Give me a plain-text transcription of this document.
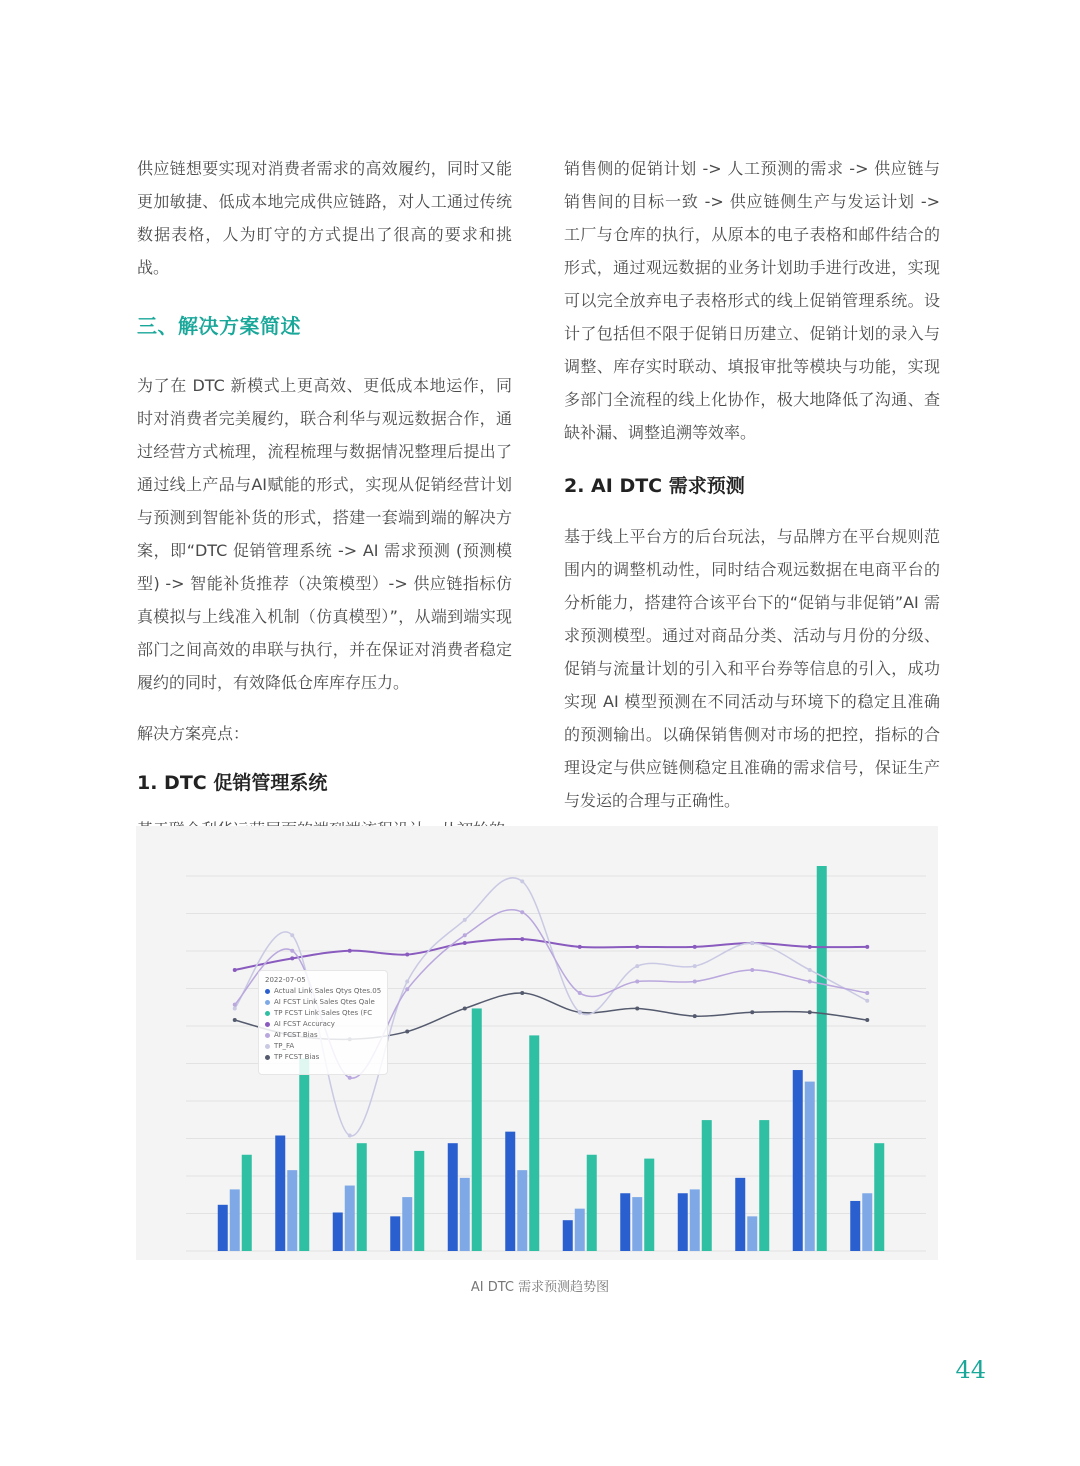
供应链想要实现对消费者需求的高效履约，同时又能更加敏捷、低成本地完成供应链路，对人工通过传统数据表格，人为盯守的方式提出了很高的要求和挑战。

三、解决方案简述

为了在 DTC 新模式上更高效、更低成本地运作，同时对消费者完美履约，联合利华与观远数据合作，通过经营方式梳理，流程梳理与数据情况整理后提出了通过线上产品与AI赋能的形式，实现从促销经营计划与预测到智能补货的形式，搭建一套端到端的解决方案，即“DTC 促销管理系统 -> AI 需求预测 (预测模型) -> 智能补货推荐（决策模型）-> 供应链指标仿真模拟与上线准入机制（仿真模型）”，从端到端实现部门之间高效的串联与执行，并在保证对消费者稳定履约的同时，有效降低仓库库存压力。

解决方案亮点：

1. DTC 促销管理系统

销售侧的促销计划 -> 人工预测的需求 -> 供应链与销售间的目标一致 -> 供应链侧生产与发运计划 -> 工厂与仓库的执行，从原本的电子表格和邮件结合的形式，通过观远数据的业务计划助手进行改进，实现可以完全放弃电子表格形式的线上促销管理系统。设计了包括但不限于促销日历建立、促销计划的录入与调整、库存实时联动、填报审批等模块与功能，实现多部门全流程的线上化协作，极大地降低了沟通、查缺补漏、调整追溯等效率。

2. AI DTC 需求预测

基于线上平台方的后台玩法，与品牌方在平台规则范围内的调整机动性，同时结合观远数据在电商平台的分析能力，搭建符合该平台下的“促销与非促销”AI 需求预测模型。通过对商品分类、活动与月份的分级、促销与流量计划的引入和平台券等信息的引入，成功实现 AI 模型预测在不同活动与环境下的稳定且准确的预测输出。以确保销售侧对市场的把控，指标的合理设定与供应链侧稳定且准确的需求信号，保证生产与发运的合理与正确性。

2022-07-05
Actual Link Sales Qtys Qtes.05
AI FCST Link Sales Qtes Qale
TP FCST Link Sales Qtes (FC
AI FCST Accuracy
AI FCST Bias
TP_FA
TP FCST Bias
AI DTC 需求预测趋势图
44
